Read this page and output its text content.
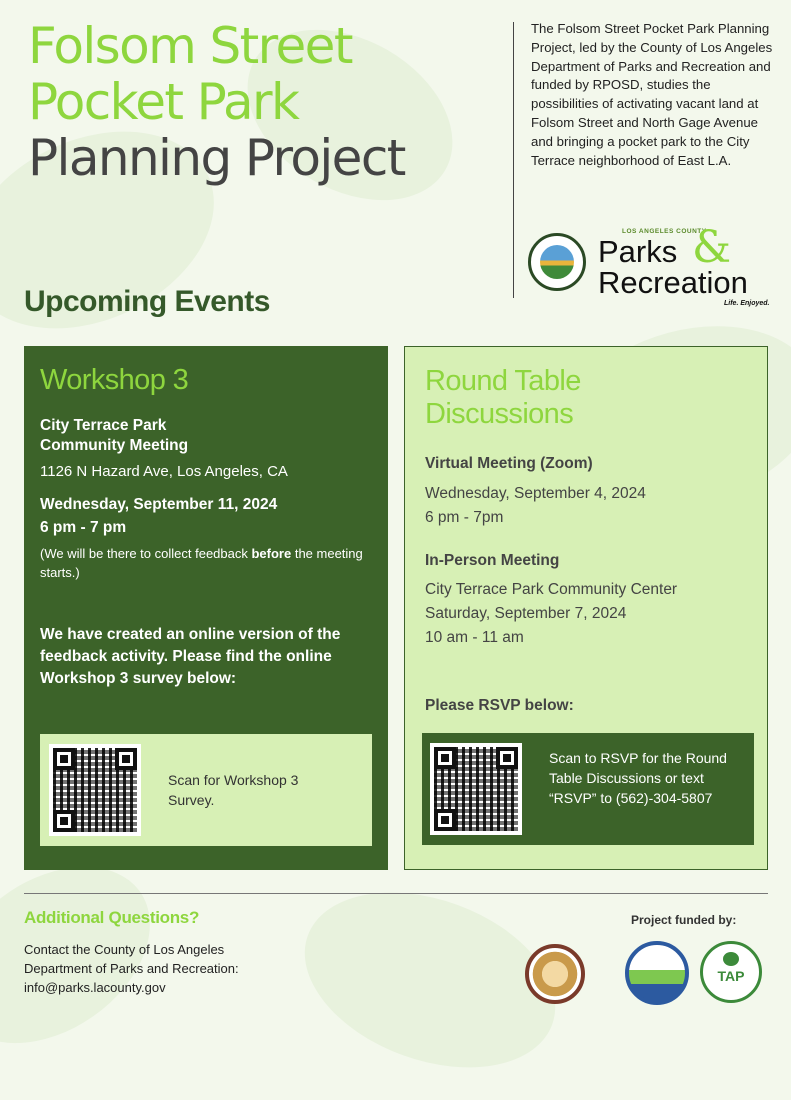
Folsom Street
Pocket Park
Planning Project

The Folsom Street Pocket Park Planning Project, led by the County of Los Angeles Department of Parks and Recreation and funded by RPOSD, studies the possibilities of activating vacant land at Folsom Street and North Gage Avenue and bringing a pocket park to the City Terrace neighborhood of East L.A.

LOS ANGELES COUNTY
Parks &
Recreation
Life. Enjoyed.
Upcoming Events
Workshop 3
City Terrace Park
Community Meeting
1126 N Hazard Ave, Los Angeles, CA
Wednesday, September 11, 2024
6 pm - 7 pm
(We will be there to collect feedback before the meeting starts.)
We have created an online version of the feedback activity. Please find the online Workshop 3 survey below:
Scan for Workshop 3 Survey.
Round Table
Discussions
Virtual Meeting (Zoom)
Wednesday, September 4, 2024
6 pm - 7pm
In-Person Meeting
City Terrace Park Community Center
Saturday, September 7, 2024
10 am - 11 am
Please RSVP below:
Scan to RSVP for the Round Table Discussions or text “RSVP” to (562)-304-5807
Additional Questions?

Contact the County of Los Angeles
Department of Parks and Recreation:
info@parks.lacounty.gov

Project funded by:
TAP
